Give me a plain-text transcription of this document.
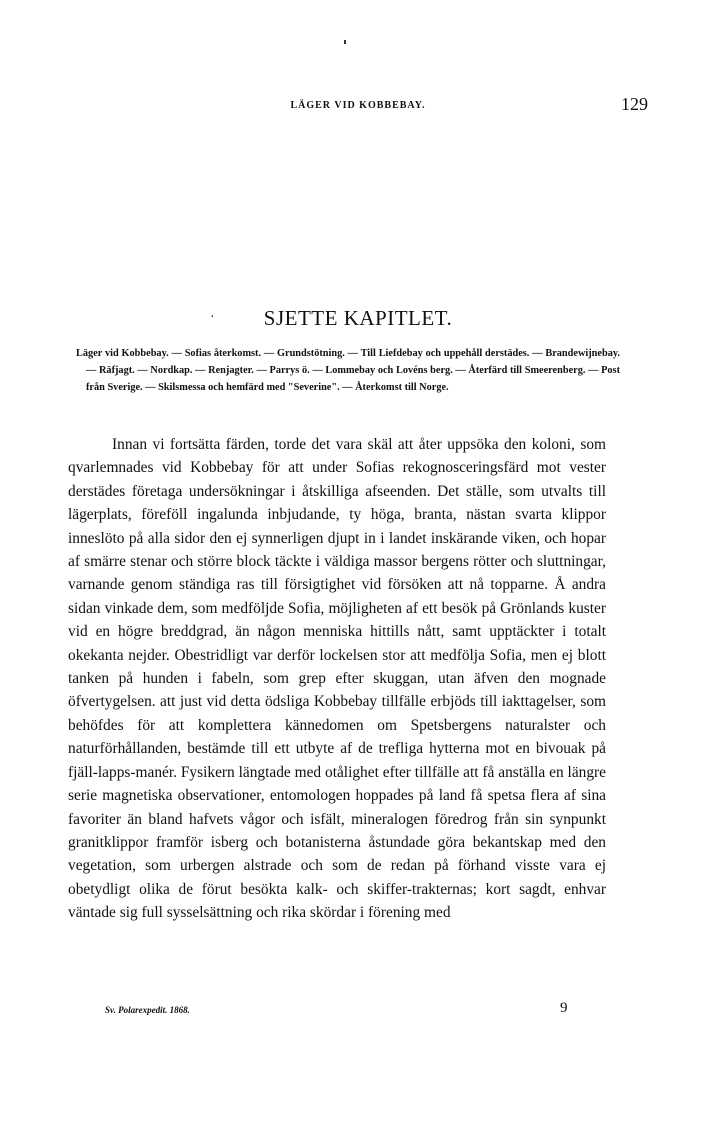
LÄGER VID KOBBEBAY.	129
· SJETTE KAPITLET.
Läger vid Kobbebay. — Sofias återkomst. — Grundstötning. — Till Liefdebay och uppehåll derstädes. — Brandewijnebay. — Räfjagt. — Nordkap. — Renjagter. — Parrys ö. — Lommebay och Lovéns berg. — Återfärd till Smeerenberg. — Post från Sverige. — Skilsmessa och hemfärd med "Severine". — Återkomst till Norge.

Innan vi fortsätta färden, torde det vara skäl att åter uppsöka den koloni, som qvarlemnades vid Kobbebay för att under Sofias rekognosceringsfärd mot vester derstädes företaga undersökningar i åtskilliga afseenden. Det ställe, som utvalts till lägerplats, föreföll ingalunda inbjudande, ty höga, branta, nästan svarta klippor inneslöto på alla sidor den ej synnerligen djupt in i landet inskärande viken, och hopar af smärre stenar och större block täckte i väldiga massor bergens rötter och sluttningar, varnande genom ständiga ras till försigtighet vid försöken att nå topparne. Å andra sidan vinkade dem, som medföljde Sofia, möjligheten af ett besök på Grönlands kuster vid en högre breddgrad, än någon menniska hittills nått, samt upptäckter i totalt okekanta nejder. Obestridligt var derför lockelsen stor att medfölja Sofia, men ej blott tanken på hunden i fabeln, som grep efter skuggan, utan äfven den mognade öfvertygelsen. att just vid detta ödsliga Kobbebay tillfälle erbjöds till iakttagelser, som behöfdes för att komplettera kännedomen om Spetsbergens naturalster och naturförhållanden, bestämde till ett utbyte af de trefliga hytterna mot en bivouak på fjäll-lapps-manér. Fysikern längtade med otålighet efter tillfälle att få anställa en längre serie magnetiska observationer, entomologen hoppades på land få spetsa flera af sina favoriter än bland hafvets vågor och isfält, mineralogen föredrog från sin synpunkt granitklippor framför isberg och botanisterna åstundade göra bekantskap med den vegetation, som urbergen alstrade och som de redan på förhand visste vara ej obetydligt olika de förut besökta kalk- och skiffer-trakternas; kort sagdt, enhvar väntade sig full sysselsättning och rika skördar i förening med

Sv. Polarexpedit. 1868.	9
